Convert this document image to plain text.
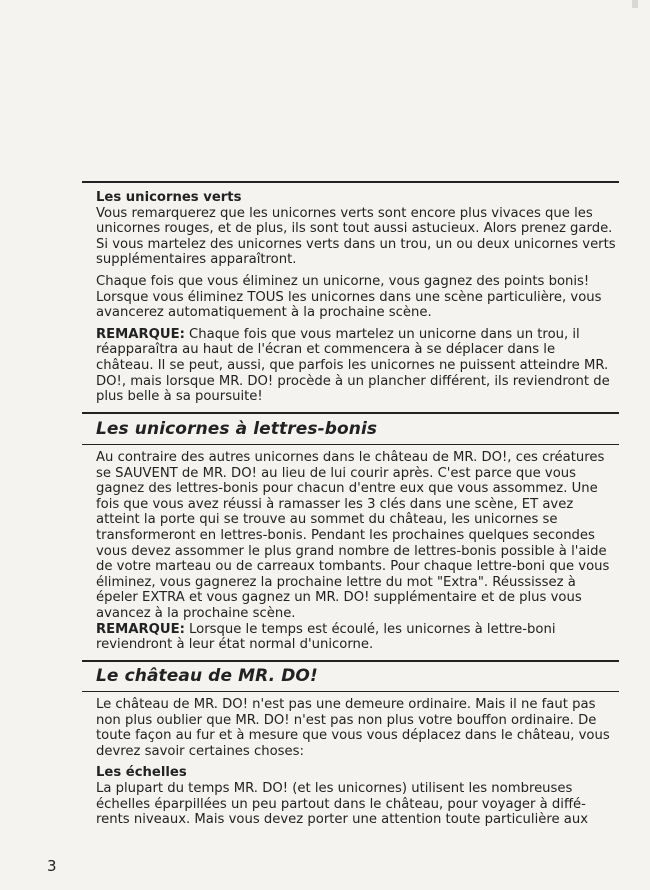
Les unicornes verts

Vous remarquerez que les unicornes verts sont encore plus vivaces que les unicornes rouges, et de plus, ils sont tout aussi astucieux. Alors prenez garde. Si vous martelez des unicornes verts dans un trou, un ou deux unicornes verts supplémentaires apparaîtront.

Chaque fois que vous éliminez un unicorne, vous gagnez des points bonis! Lorsque vous éliminez TOUS les unicornes dans une scène particulière, vous avancerez automatiquement à la prochaine scène.

REMARQUE: Chaque fois que vous martelez un unicorne dans un trou, il réapparaîtra au haut de l'écran et commencera à se déplacer dans le château. Il se peut, aussi, que parfois les unicornes ne puissent atteindre MR. DO!, mais lorsque MR. DO! procède à un plancher différent, ils reviendront de plus belle à sa poursuite!

Les unicornes à lettres-bonis

Au contraire des autres unicornes dans le château de MR. DO!, ces créatures se SAUVENT de MR. DO! au lieu de lui courir après. C'est parce que vous gagnez des lettres-bonis pour chacun d'entre eux que vous assommez. Une fois que vous avez réussi à ramasser les 3 clés dans une scène, ET avez atteint la porte qui se trouve au sommet du château, les unicornes se transformeront en lettres-bonis. Pendant les prochaines quelques secondes vous devez assommer le plus grand nombre de lettres-bonis possible à l'aide de votre marteau ou de carreaux tombants. Pour chaque lettre-boni que vous éliminez, vous gagnerez la prochaine lettre du mot "Extra". Réussissez à épeler EXTRA et vous gagnez un MR. DO! supplémentaire et de plus vous avancez à la prochaine scène.

REMARQUE: Lorsque le temps est écoulé, les unicornes à lettre-boni reviendront à leur état normal d'unicorne.

Le château de MR. DO!

Le château de MR. DO! n'est pas une demeure ordinaire. Mais il ne faut pas non plus oublier que MR. DO! n'est pas non plus votre bouffon ordinaire. De toute façon au fur et à mesure que vous vous déplacez dans le château, vous devrez savoir certaines choses:

Les échelles

La plupart du temps MR. DO! (et les unicornes) utilisent les nombreuses échelles éparpillées un peu partout dans le château, pour voyager à diffé-rents niveaux. Mais vous devez porter une attention toute particulière aux

3
